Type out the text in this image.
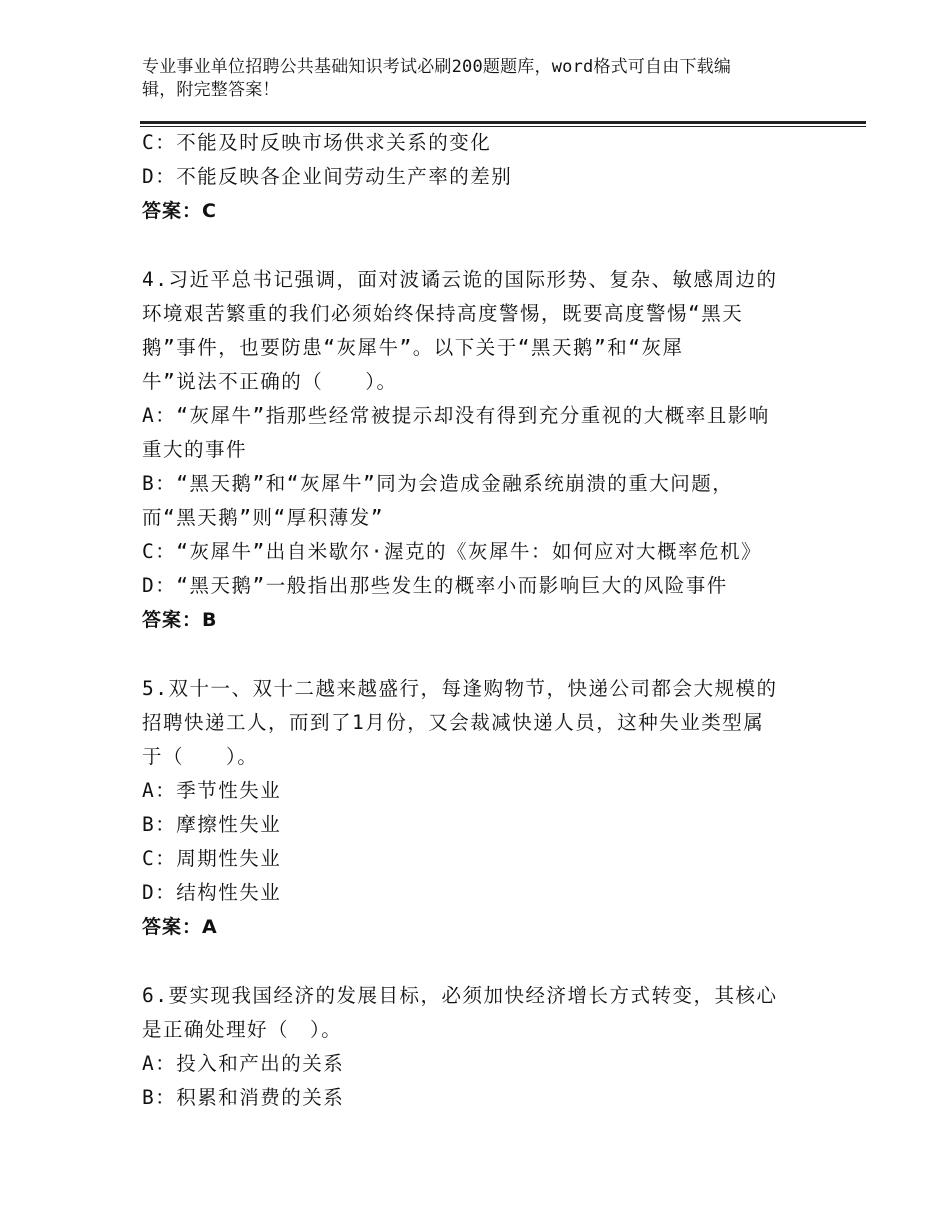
专业事业单位招聘公共基础知识考试必刷200题题库，word格式可自由下载编
辑，附完整答案！

C：不能及时反映市场供求关系的变化

D：不能反映各企业间劳动生产率的差别

答案：C

4.习近平总书记强调，面对波谲云诡的国际形势、复杂、敏感周边的

环境艰苦繁重的我们必须始终保持高度警惕，既要高度警惕“黑天

鹅”事件，也要防患“灰犀牛”。以下关于“黑天鹅”和“灰犀

牛”说法不正确的（　　）。

A：“灰犀牛”指那些经常被提示却没有得到充分重视的大概率且影响

重大的事件

B：“黑天鹅”和“灰犀牛”同为会造成金融系统崩溃的重大问题，

而“黑天鹅”则“厚积薄发”

C：“灰犀牛”出自米歇尔·渥克的《灰犀牛：如何应对大概率危机》

D：“黑天鹅”一般指出那些发生的概率小而影响巨大的风险事件

答案：B

5.双十一、双十二越来越盛行，每逢购物节，快递公司都会大规模的

招聘快递工人，而到了1月份，又会裁减快递人员，这种失业类型属

于（　　）。

A：季节性失业

B：摩擦性失业

C：周期性失业

D：结构性失业

答案：A

6.要实现我国经济的发展目标，必须加快经济增长方式转变，其核心

是正确处理好（　）。

A：投入和产出的关系

B：积累和消费的关系
